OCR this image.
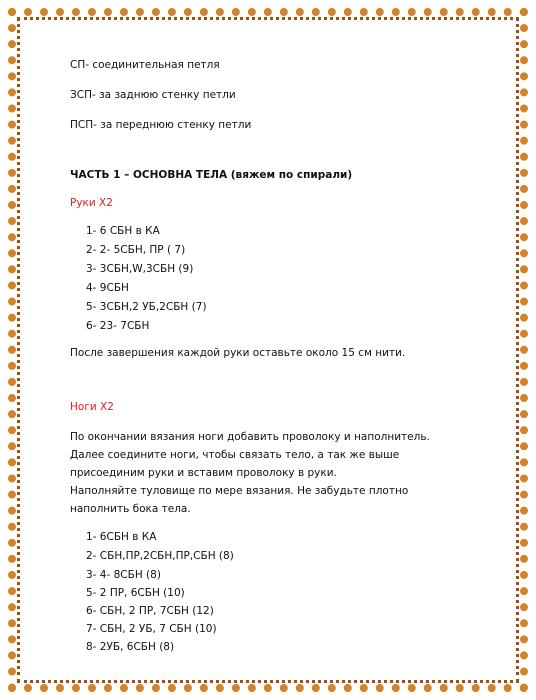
СП- соединительная петля

ЗСП- за заднюю стенку петли

ПСП- за переднюю стенку петли

ЧАСТЬ 1 – ОСНОВНА ТЕЛА (вяжем по спирали)

Руки X2

1- 6 СБН в КА
2- 2- 5СБН, ПР ( 7)
3- 3СБН,W,3СБН (9)
4- 9СБН
5- 3СБН,2 УБ,2СБН (7)
6- 23- 7СБН

После завершения каждой руки оставьте около 15 см нити.

Ноги X2

По окончании вязания ноги добавить проволоку и наполнитель.

Далее соедините ноги, чтобы связать тело, а так же выше

присоединим руки и вставим проволоку в руки.

Наполняйте туловище по мере вязания. Не забудьте плотно

наполнить бока тела.

1- 6СБН в КА
2- СБН,ПР,2СБН,ПР,СБН (8)
3- 4- 8СБН (8)
5- 2 ПР, 6СБН (10)
6- СБН, 2 ПР, 7СБН (12)
7- СБН, 2 УБ, 7 СБН (10)
8- 2УБ, 6СБН (8)
